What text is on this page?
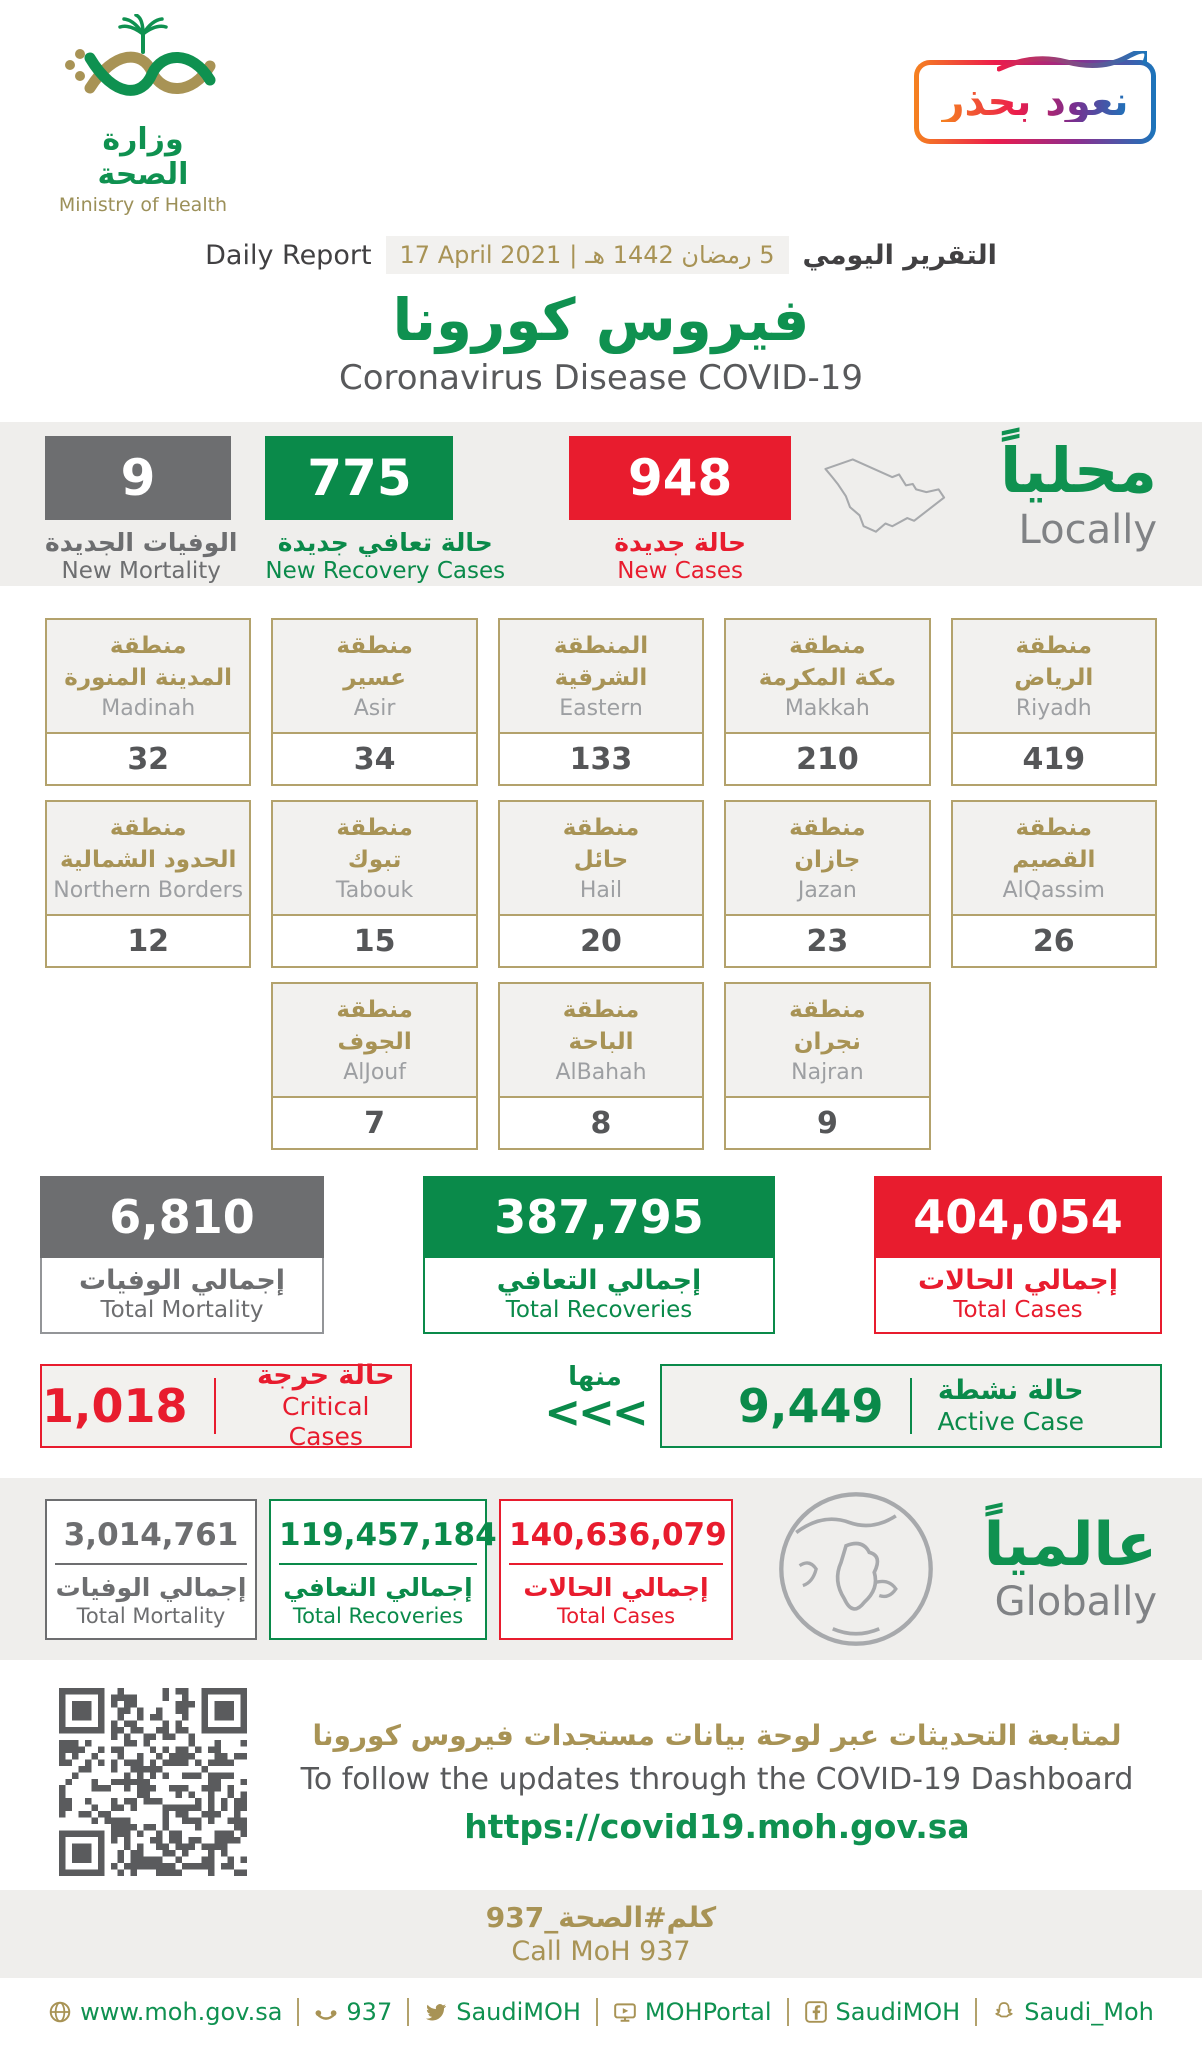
وزارة الصحة
Ministry of Health
نعود بحذر
Daily Report 17 April 2021 | 5 رمضان 1442 هـ التقرير اليومي
فيروس كورونا
Coronavirus Disease COVID-19
9
الوفيات الجديدة
New Mortality
775
حالة تعافي جديدة
New Recovery Cases
948
حالة جديدة
New Cases
محلياً
Locally
منطقة
المدينة المنورة
Madinah
32
منطقة
عسير
Asir
34
المنطقة
الشرقية
Eastern
133
منطقة
مكة المكرمة
Makkah
210
منطقة
الرياض
Riyadh
419
منطقة
الحدود الشمالية
Northern Borders
12
منطقة
تبوك
Tabouk
15
منطقة
حائل
Hail
20
منطقة
جازان
Jazan
23
منطقة
القصيم
AlQassim
26
منطقة
الجوف
AlJouf
7
منطقة
الباحة
AlBahah
8
منطقة
نجران
Najran
9
6,810
إجمالي الوفيات
Total Mortality
387,795
إجمالي التعافي
Total Recoveries
404,054
إجمالي الحالات
Total Cases
1,018
حالة حرجة
Critical Cases
منها
<<< 9,449 حالة نشطة
Active Case
3,014,761
إجمالي الوفيات
Total Mortality
119,457,184
إجمالي التعافي
Total Recoveries
140,636,079
إجمالي الحالات
Total Cases
عالمياً
Globally
لمتابعة التحديثات عبر لوحة بيانات مستجدات فيروس كورونا
To follow the updates through the COVID-19 Dashboard
https://covid19.moh.gov.sa
كلم#الصحة_937
Call MoH 937
www.moh.gov.sa	937	SaudiMOH	MOHPortal	SaudiMOH	Saudi_Moh
